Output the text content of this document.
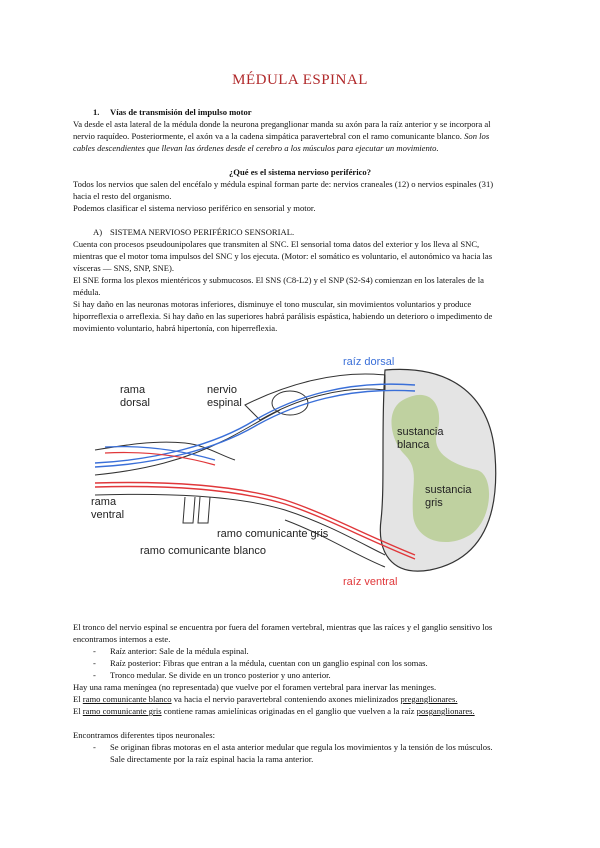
MÉDULA ESPINAL
1. Vías de transmisión del impulso motor
Va desde el asta lateral de la médula donde la neurona preganglionar manda su axón para la raíz anterior y se incorpora al
nervio raquídeo. Posteriormente, el axón va a la cadena simpática paravertebral con el ramo comunicante blanco. Son los
cables descendientes que llevan las órdenes desde el cerebro a los músculos para ejecutar un movimiento.
¿Qué es el sistema nervioso periférico?
Todos los nervios que salen del encéfalo y médula espinal forman parte de: nervios craneales (12) o nervios espinales (31)
hacia el resto del organismo.
Podemos clasificar el sistema nervioso periférico en sensorial y motor.
A) SISTEMA NERVIOSO PERIFÉRICO SENSORIAL.
Cuenta con procesos pseudounipolares que transmiten al SNC. El sensorial toma datos del exterior y los lleva al SNC,
mientras que el motor toma impulsos del SNC y los ejecuta. (Motor: el somático es voluntario, el autonómico va hacia las
vísceras — SNS, SNP, SNE).
El SNE forma los plexos mientéricos y submucosos. El SNS (C8-L2) y el SNP (S2-S4) comienzan en los laterales de la
médula.
Si hay daño en las neuronas motoras inferiores, disminuye el tono muscular, sin movimientos voluntarios y produce
hiporreflexia o arreflexia. Si hay daño en las superiores habrá parálisis espástica, habiendo un deterioro o impedimento de
movimiento voluntario, habrá hipertonía, con hiperreflexia.
raíz dorsal
raíz ventral
rama
dorsal
nervio
espinal
sustancia
blanca
sustancia
gris
rama
ventral
ramo comunicante gris
ramo comunicante blanco
El tronco del nervio espinal se encuentra por fuera del foramen vertebral, mientras que las raíces y el ganglio sensitivo los
encontramos internos a este.
- Raíz anterior: Sale de la médula espinal.
- Raíz posterior: Fibras que entran a la médula, cuentan con un ganglio espinal con los somas.
- Tronco medular. Se divide en un tronco posterior y uno anterior.
Hay una rama meníngea (no representada) que vuelve por el foramen vertebral para inervar las meninges.
El ramo comunicante blanco va hacia el nervio paravertebral conteniendo axones mielinizados preganglionares.
El ramo comunicante gris contiene ramas amielínicas originadas en el ganglio que vuelven a la raíz posganglionares.
Encontramos diferentes tipos neuronales:
- Se originan fibras motoras en el asta anterior medular que regula los movimientos y la tensión de los músculos.
Sale directamente por la raíz espinal hacia la rama anterior.
